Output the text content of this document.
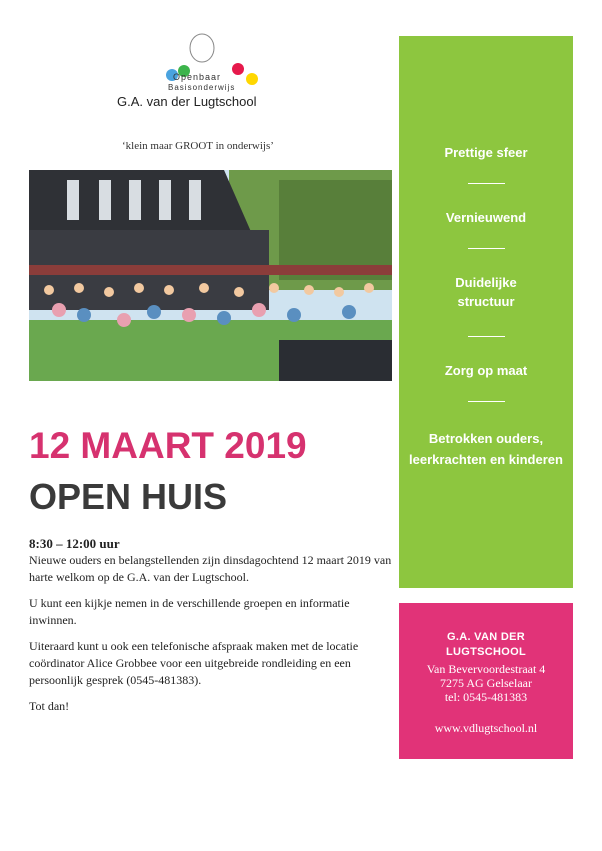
Openbaar
Basisonderwijs
G.A. van der Lugtschool
‘klein maar GROOT in onderwijs’
12 MAART 2019
OPEN HUIS
8:30 – 12:00 uur

Nieuwe ouders en belangstellenden zijn dinsdagochtend 12 maart 2019 van harte welkom op de G.A. van der Lugtschool.

U kunt een kijkje nemen in de verschillende groepen en informatie inwinnen.

Uiteraard kunt u ook een telefonische afspraak maken met de locatie coördinator Alice Grobbee voor een uitgebreide rondleiding en een persoonlijk gesprek (0545-481383).

Tot dan!

Prettige sfeer
Vernieuwend
Duidelijke structuur
Zorg op maat
Betrokken ouders, leerkrachten en kinderen
G.A. VAN DER
LUGTSCHOOL
Van Bevervoordestraat 4
7275 AG Gelselaar
tel: 0545-481383
www.vdlugtschool.nl
